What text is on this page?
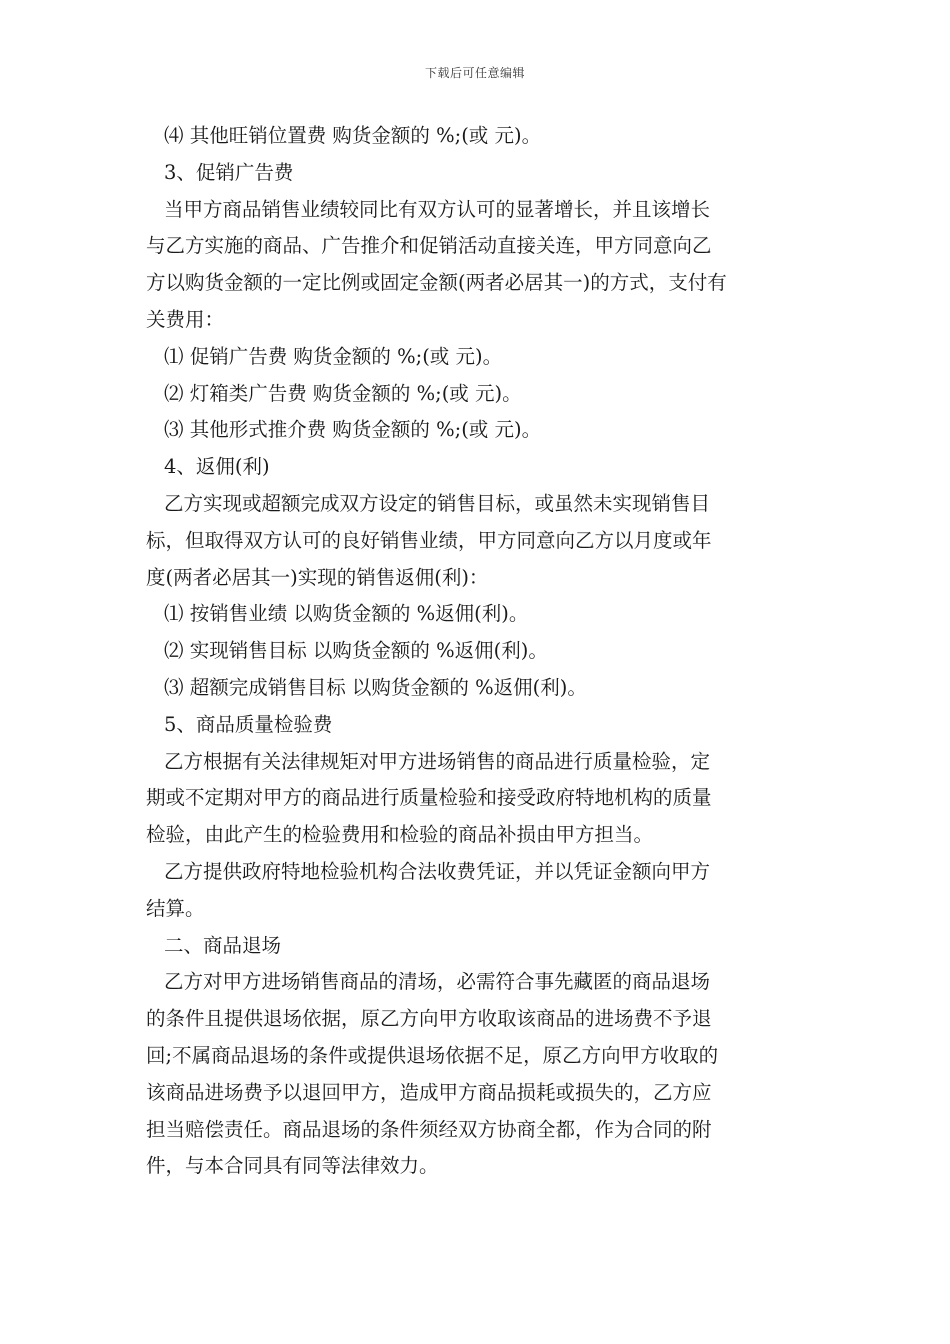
下载后可任意编辑
⑷ 其他旺销位置费 购货金额的 %;(或 元)。
3、促销广告费
当甲方商品销售业绩较同比有双方认可的显著增长，并且该增长
与乙方实施的商品、广告推介和促销活动直接关连，甲方同意向乙
方以购货金额的一定比例或固定金额(两者必居其一)的方式，支付有
关费用：
⑴ 促销广告费 购货金额的 %;(或 元)。
⑵ 灯箱类广告费 购货金额的 %;(或 元)。
⑶ 其他形式推介费 购货金额的 %;(或 元)。
4、返佣(利)
乙方实现或超额完成双方设定的销售目标，或虽然未实现销售目
标，但取得双方认可的良好销售业绩，甲方同意向乙方以月度或年
度(两者必居其一)实现的销售返佣(利)：
⑴ 按销售业绩 以购货金额的 %返佣(利)。
⑵ 实现销售目标 以购货金额的 %返佣(利)。
⑶ 超额完成销售目标 以购货金额的 %返佣(利)。
5、商品质量检验费
乙方根据有关法律规矩对甲方进场销售的商品进行质量检验，定
期或不定期对甲方的商品进行质量检验和接受政府特地机构的质量
检验，由此产生的检验费用和检验的商品补损由甲方担当。
乙方提供政府特地检验机构合法收费凭证，并以凭证金额向甲方
结算。
二、商品退场
乙方对甲方进场销售商品的清场，必需符合事先藏匿的商品退场
的条件且提供退场依据，原乙方向甲方收取该商品的进场费不予退
回;不属商品退场的条件或提供退场依据不足，原乙方向甲方收取的
该商品进场费予以退回甲方，造成甲方商品损耗或损失的，乙方应
担当赔偿责任。商品退场的条件须经双方协商全都，作为合同的附
件，与本合同具有同等法律效力。
